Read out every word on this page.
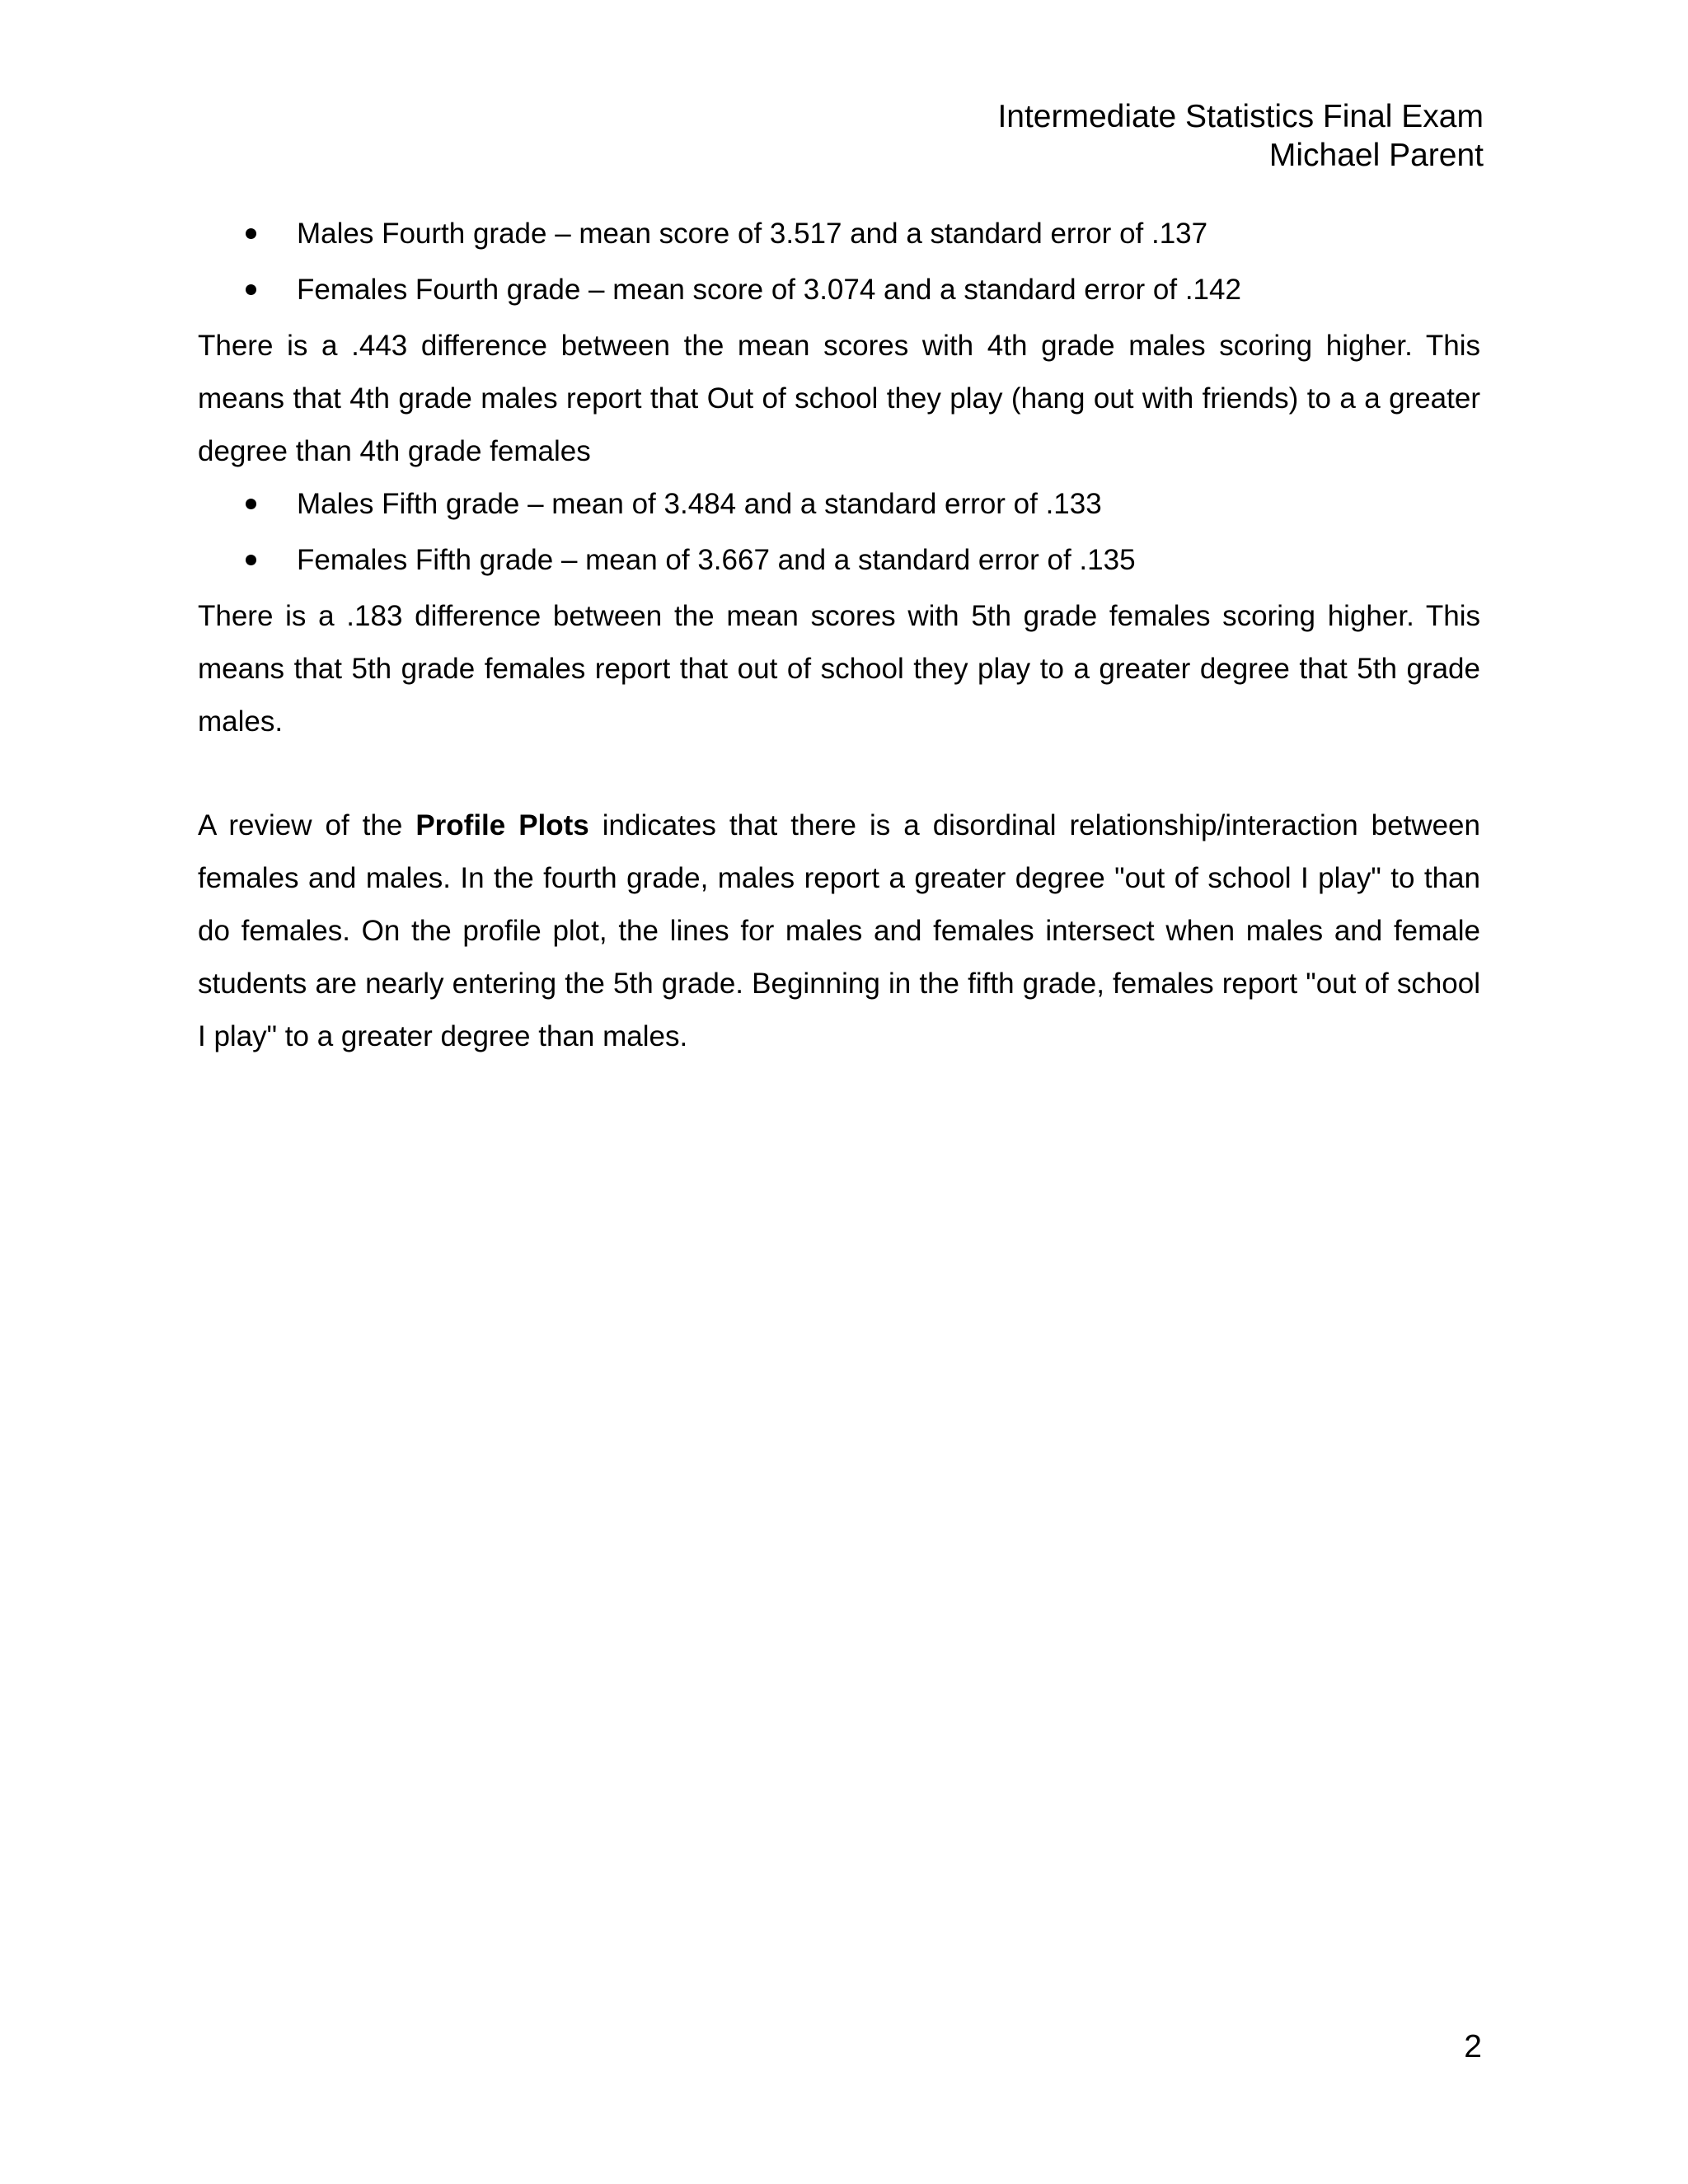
Intermediate Statistics Final Exam
Michael Parent
Males Fourth grade – mean score of 3.517 and a standard error of .137
Females Fourth grade – mean score of 3.074 and a standard error of .142

There is a .443 difference between the mean scores with 4th grade males scoring higher. This means that 4th grade males report that Out of school they play (hang out with friends) to a a greater degree than 4th grade females

Males Fifth grade – mean of 3.484 and a standard error of .133
Females Fifth grade – mean of 3.667 and a standard error of .135

There is a .183 difference between the mean scores with 5th grade females scoring higher. This means that 5th grade females report that out of school they play to a greater degree that 5th grade males.

A review of the Profile Plots indicates that there is a disordinal relationship/interaction between females and males. In the fourth grade, males report a greater degree "out of school I play" to than do females. On the profile plot, the lines for males and females intersect when males and female students are nearly entering the 5th grade. Beginning in the fifth grade, females report "out of school I play" to a greater degree than males.

2
